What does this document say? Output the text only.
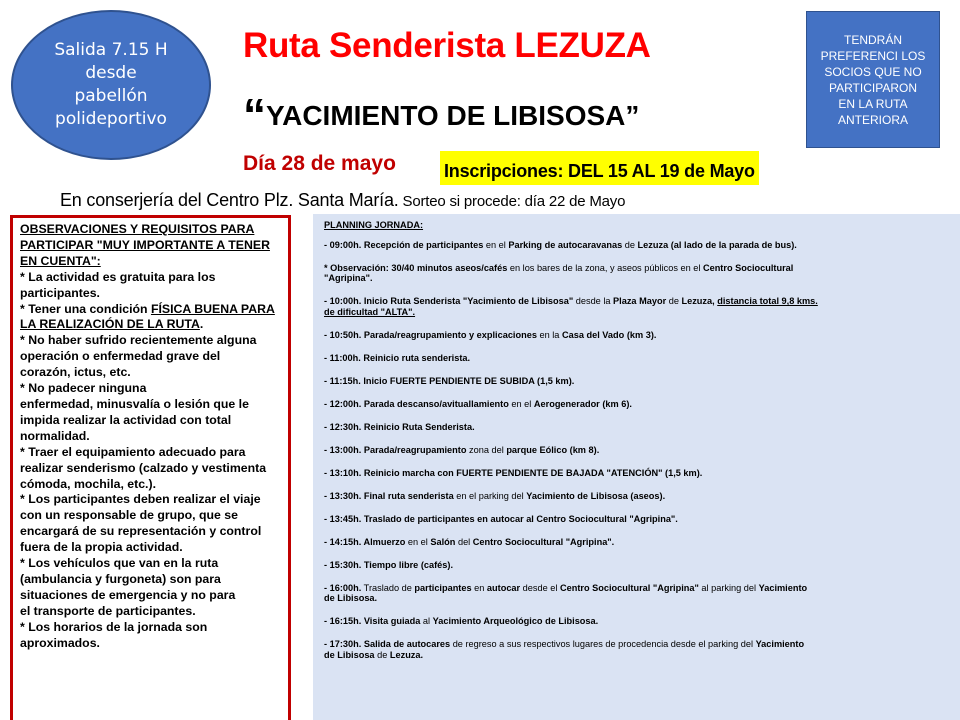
Salida 7.15 H
desde
pabellón
polideportivo
TENDRÁN
PREFERENCI LOS
SOCIOS QUE NO
PARTICIPARON
EN LA RUTA
ANTERIORA
Ruta Senderista LEZUZA
“ YACIMIENTO DE LIBISOSA”
Día 28 de mayo	Inscripciones: DEL 15 AL 19 de Mayo
En conserjería del Centro Plz. Santa María. Sorteo si procede: día 22 de Mayo
OBSERVACIONES Y REQUISITOS PARA
PARTICIPAR "MUY IMPORTANTE A TENER
EN CUENTA":
* La actividad es gratuita para los
participantes.
* Tener una condición FÍSICA BUENA PARA
LA REALIZACIÓN DE LA RUTA.
* No haber sufrido recientemente alguna
operación o enfermedad grave del
corazón, ictus, etc.
* No padecer ninguna
enfermedad, minusvalía o lesión que le
impida realizar la actividad con total
normalidad.
* Traer el equipamiento adecuado para
realizar senderismo (calzado y vestimenta
cómoda, mochila, etc.).
* Los participantes deben realizar el viaje
con un responsable de grupo, que se
encargará de su representación y control
fuera de la propia actividad.
* Los vehículos que van en la ruta
(ambulancia y furgoneta) son para
situaciones de emergencia y no para
el transporte de participantes.
* Los horarios de la jornada son
aproximados.
PLANNING JORNADA:
- 09:00h. Recepción de participantes en el Parking de autocaravanas de Lezuza (al lado de la parada de bus).
* Observación: 30/40 minutos aseos/cafés en los bares de la zona, y aseos públicos en el Centro Sociocultural
"Agripina".
- 10:00h. Inicio Ruta Senderista "Yacimiento de Libisosa" desde la Plaza Mayor de Lezuza, distancia total 9,8 kms.
de dificultad "ALTA".
- 10:50h. Parada/reagrupamiento y explicaciones en la Casa del Vado (km 3).
- 11:00h. Reinicio ruta senderista.
- 11:15h. Inicio FUERTE PENDIENTE DE SUBIDA (1,5 km).
- 12:00h. Parada descanso/avituallamiento en el Aerogenerador (km 6).
- 12:30h. Reinicio Ruta Senderista.
- 13:00h. Parada/reagrupamiento zona del parque Eólico (km 8).
- 13:10h. Reinicio marcha con FUERTE PENDIENTE DE BAJADA "ATENCIÓN" (1,5 km).
- 13:30h. Final ruta senderista en el parking del Yacimiento de Libisosa (aseos).
- 13:45h. Traslado de participantes en autocar al Centro Sociocultural "Agripina".
- 14:15h. Almuerzo en el Salón del Centro Sociocultural "Agripina".
- 15:30h. Tiempo libre (cafés).
- 16:00h. Traslado de participantes en autocar desde el Centro Sociocultural "Agripina" al parking del Yacimiento
de Libisosa.
- 16:15h. Visita guiada al Yacimiento Arqueológico de Libisosa.
- 17:30h. Salida de autocares de regreso a sus respectivos lugares de procedencia desde el parking del Yacimiento
de Libisosa de Lezuza.
